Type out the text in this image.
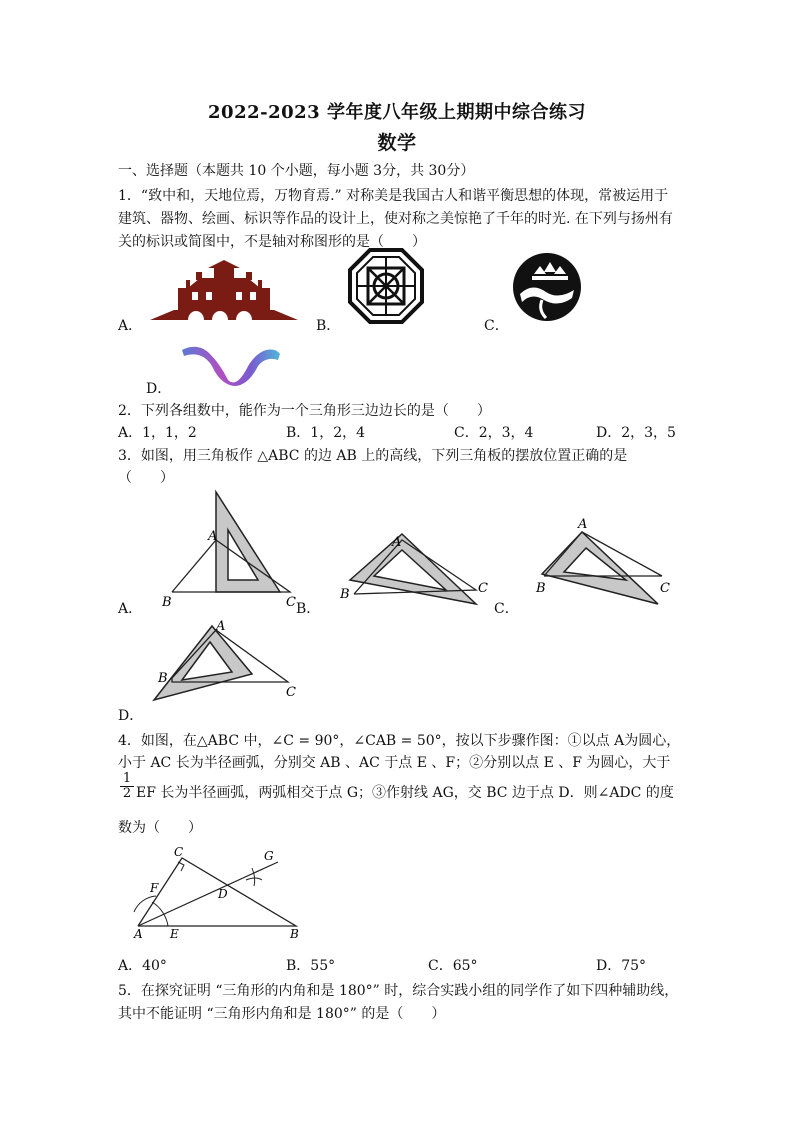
2022-2023 学年度八年级上期期中综合练习
数学
一、选择题（本题共 10 个小题，每小题 3分，共 30分）
1．“致中和，天地位焉，万物育焉.” 对称美是我国古人和谐平衡思想的体现，常被运用于
建筑、器物、绘画、标识等作品的设计上，使对称之美惊艳了千年的时光. 在下列与扬州有
关的标识或简图中，不是轴对称图形的是（　　）
A．	B．	C．
D．
2．下列各组数中，能作为一个三角形三边边长的是（　　）
A．1，1，2	B．1，2，4	C．2，3，4	D．2，3，5
3．如图，用三角板作 △ABC 的边 AB 上的高线，下列三角板的摆放位置正确的是
（　　）
A
B	C
A．	B．
A
B	C
C．
A
B	C
A
B
C
D．
4．如图，在△ABC 中，∠C = 90°，∠CAB = 50°，按以下步骤作图：①以点 A为圆心，
小于 AC 长为半径画弧，分别交 AB 、AC 于点 E 、F；②分别以点 E 、F 为圆心，大于
$\frac{1}{2}$ EF 长为半径画弧，两弧相交于点 G；③作射线 AG，交 BC 边于点 D．则∠ADC 的度
数为（　　）
C	G
F	D
A E	B
A．40°	B．55°	C．65°	D．75°
5．在探究证明 “三角形的内角和是 180°” 时，综合实践小组的同学作了如下四种辅助线，
其中不能证明 “三角形内角和是 180°” 的是（　　）
